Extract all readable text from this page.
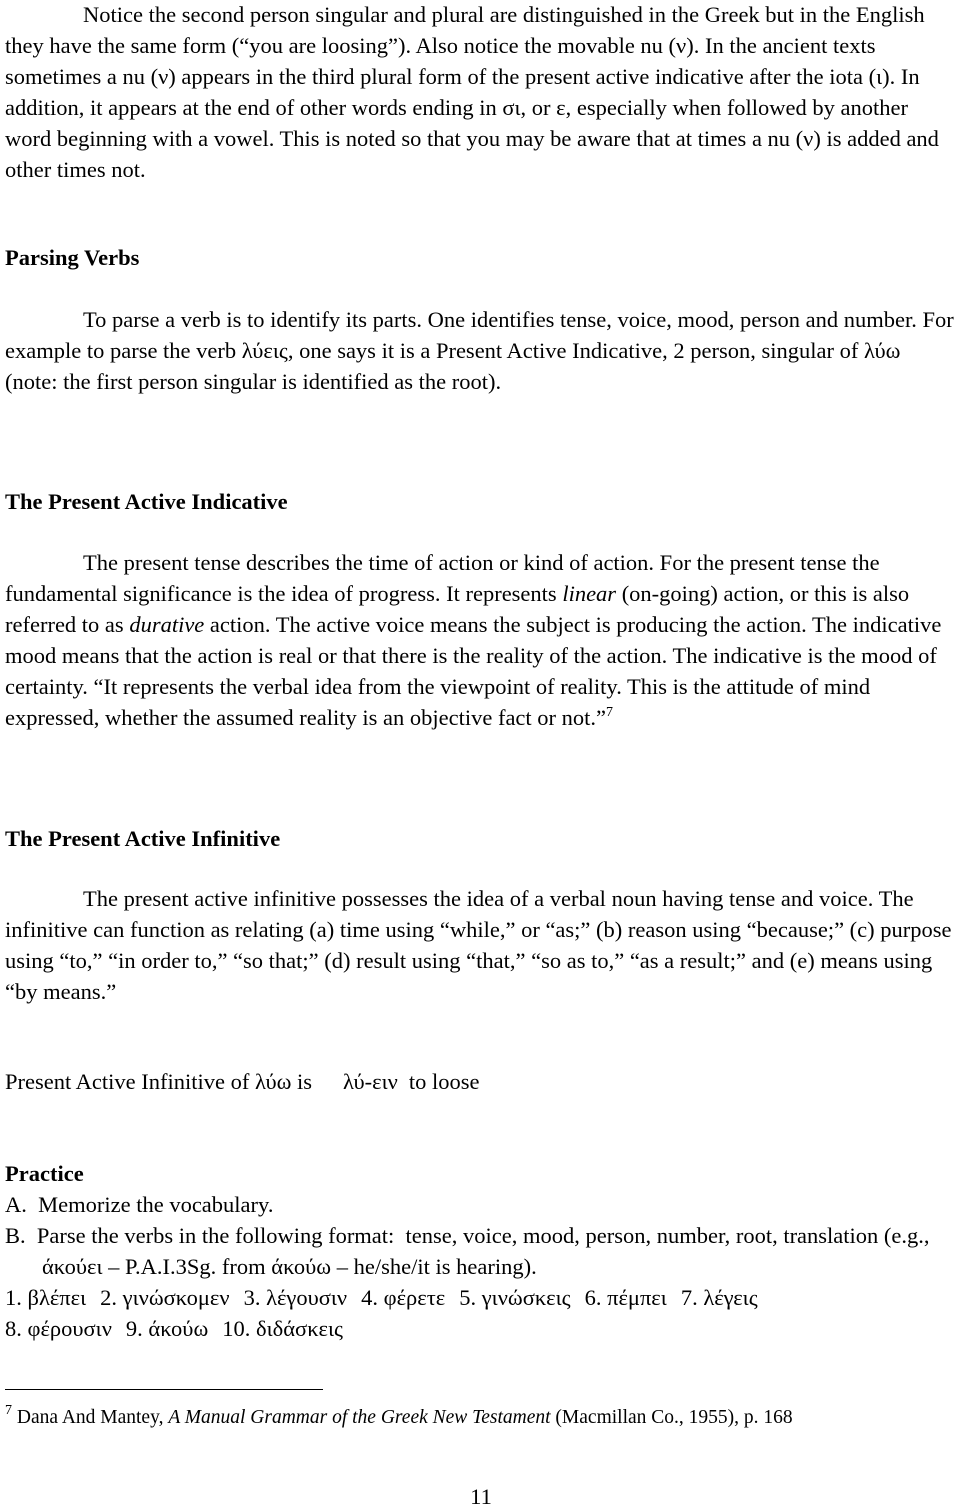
Notice the second person singular and plural are distinguished in the Greek but in the English they have the same form (“you are loosing”). Also notice the movable nu (ν). In the ancient texts sometimes a nu (ν) appears in the third plural form of the present active indicative after the iota (ι). In addition, it appears at the end of other words ending in σι, or ε, especially when followed by another word beginning with a vowel. This is noted so that you may be aware that at times a nu (ν) is added and other times not.

Parsing Verbs

To parse a verb is to identify its parts. One identifies tense, voice, mood, person and number. For example to parse the verb λύεις, one says it is a Present Active Indicative, 2 person, singular of λύω (note: the first person singular is identified as the root).

The Present Active Indicative

The present tense describes the time of action or kind of action. For the present tense the fundamental significance is the idea of progress. It represents linear (on-going) action, or this is also referred to as durative action. The active voice means the subject is producing the action. The indicative mood means that the action is real or that there is the reality of the action. The indicative is the mood of certainty. “It represents the verbal idea from the viewpoint of reality. This is the attitude of mind expressed, whether the assumed reality is an objective fact or not.”$^7$

The Present Active Infinitive

The present active infinitive possesses the idea of a verbal noun having tense and voice. The infinitive can function as relating (a) time using “while,” or “as;” (b) reason using “because;” (c) purpose using “to,” “in order to,” “so that;” (d) result using “that,” “so as to,” “as a result;” and (e) means using “by means.”

Present Active Infinitive of λύω is λύ-ειν to loose

Practice

A.  Memorize the vocabulary.

B.  Parse the verbs in the following format:  tense, voice, mood, person, number, root, translation (e.g., άκούει – P.A.I.3Sg. from άκούω – he/she/it is hearing).

1. βλέπει 2. γινώσκομεν 3. λέγουσιν 4. φέρετε 5. γινώσκεις 6. πέμπει 7. λέγεις

8. φέρουσιν 9. άκούω 10. διδάσκεις

$^7$ Dana And Mantey, A Manual Grammar of the Greek New Testament (Macmillan Co., 1955), p. 168

11
